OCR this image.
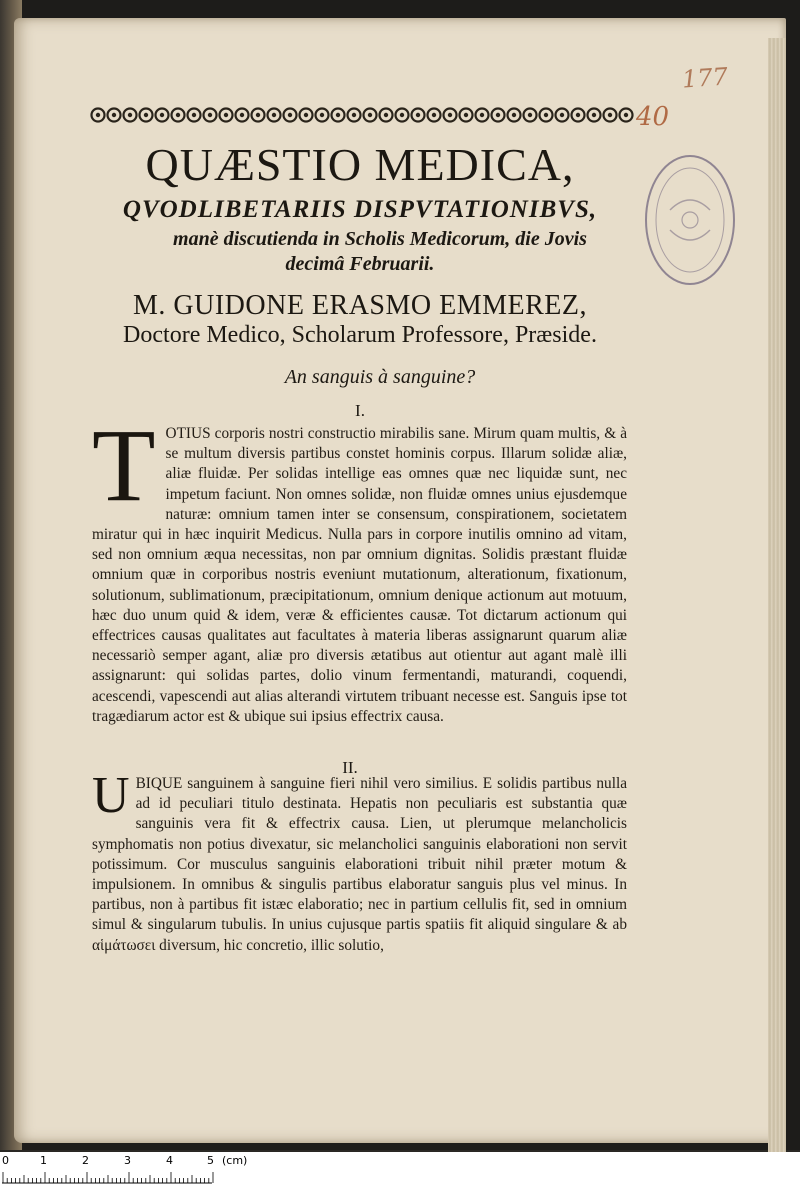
177
40
QUÆSTIO MEDICA,
QVODLIBETARIIS DISPVTATIONIBVS,
manè discutienda in Scholis Medicorum, die Jovis
decimâ Februarii.
M. GUIDONE ERASMO EMMEREZ,
Doctore Medico, Scholarum Professore, Præside.
An sanguis à sanguine?
I.
TOTIUS corporis nostri constructio mirabilis sane. Mirum quam multis, & à se multum diversis partibus constet hominis corpus. Illarum solidæ aliæ, aliæ fluidæ. Per solidas intellige eas omnes quæ nec liquidæ sunt, nec impetum faciunt. Non omnes solidæ, non fluidæ omnes unius ejusdemque naturæ: omnium tamen inter se consensum, conspirationem, societatem miratur qui in hæc inquirit Medicus. Nulla pars in corpore inutilis omnino ad vitam, sed non omnium æqua necessitas, non par omnium dignitas. Solidis præstant fluidæ omnium quæ in corporibus nostris eveniunt mutationum, alterationum, fixationum, solutionum, sublimationum, præcipitationum, omnium denique actionum aut motuum, hæc duo unum quid & idem, veræ & efficientes causæ. Tot dictarum actionum qui effectrices causas qualitates aut facultates à materia liberas assignarunt quarum aliæ necessariò semper agant, aliæ pro diversis ætatibus aut otientur aut agant malè illi assignarunt: qui solidas partes, dolio vinum fermentandi, maturandi, coquendi, acescendi, vapescendi aut alias alterandi virtutem tribuant necesse est. Sanguis ipse tot tragædiarum actor est & ubique sui ipsius effectrix causa.
II.
UBIQUE sanguinem à sanguine fieri nihil vero similius. E solidis partibus nulla ad id peculiari titulo destinata. Hepatis non peculiaris est substantia quæ sanguinis vera fit & effectrix causa. Lien, ut plerumque melancholicis symphomatis non potius divexatur, sic melancholici sanguinis elaborationi non servit potissimum. Cor musculus sanguinis elaborationi tribuit nihil præter motum & impulsionem. In omnibus & singulis partibus elaboratur sanguis plus vel minus. In partibus, non à partibus fit istæc elaboratio; nec in partium cellulis fit, sed in omnium simul & singularum tubulis. In unius cujusque partis spatiis fit aliquid singulare & ab αἱμάτωσει diversum, hic concretio, illic solutio,
0	1	2	3	4	5 (cm)
